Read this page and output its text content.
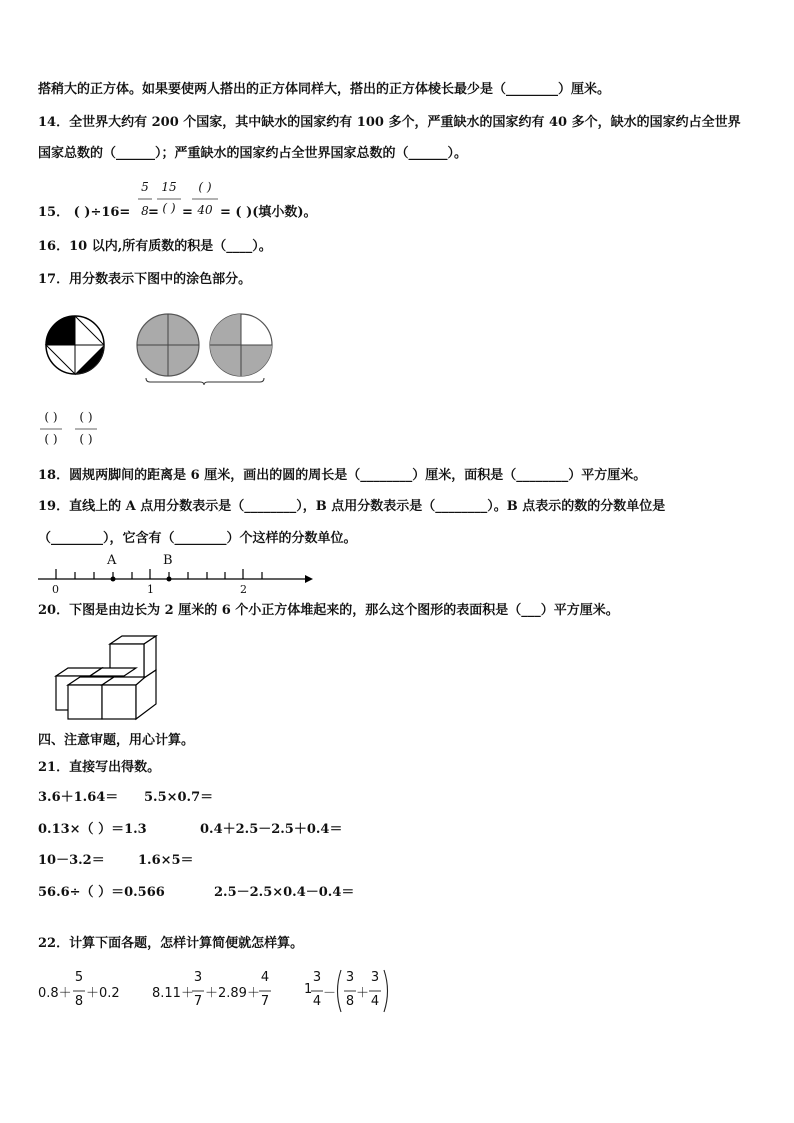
搭稍大的正方体。如果要使两人搭出的正方体同样大，搭出的正方体棱长最少是（________）厘米。
14．全世界大约有 200 个国家，其中缺水的国家约有 100 多个，严重缺水的国家约有 40 多个，缺水的国家约占全世界
国家总数的（______）；严重缺水的国家约占全世界国家总数的（______）。
15． ( )÷16=
5
8 =
15
( ) =
( )
40 = ( )(填小数)。
16．10 以内,所有质数的积是（____）。
17．用分数表示下图中的涂色部分。
( )
( )
( )
( )
18．圆规两脚间的距离是 6 厘米，画出的圆的周长是（________）厘米，面积是（________）平方厘米。
19．直线上的 A 点用分数表示是（________），B 点用分数表示是（________）。B 点表示的数的分数单位是
（________），它含有（________）个这样的分数单位。
A	B
0	1	2
20．下图是由边长为 2 厘米的 6 个小正方体堆起来的，那么这个图形的表面积是（___）平方厘米。
四、注意审题，用心计算。
21．直接写出得数。
3.6＋1.64＝ 5.5×0.7＝
0.13×（ ）＝1.3	0.4＋2.5－2.5＋0.4＝
10－3.2＝	1.6×5＝
56.6÷（ ）＝0.566	2.5－2.5×0.4－0.4＝
22．计算下面各题，怎样计算简便就怎样算。
0.8＋
5
8
＋0.2 8.11＋
3
7
＋2.89＋
4
7
1
3
4
－
3
8
＋
3
4
